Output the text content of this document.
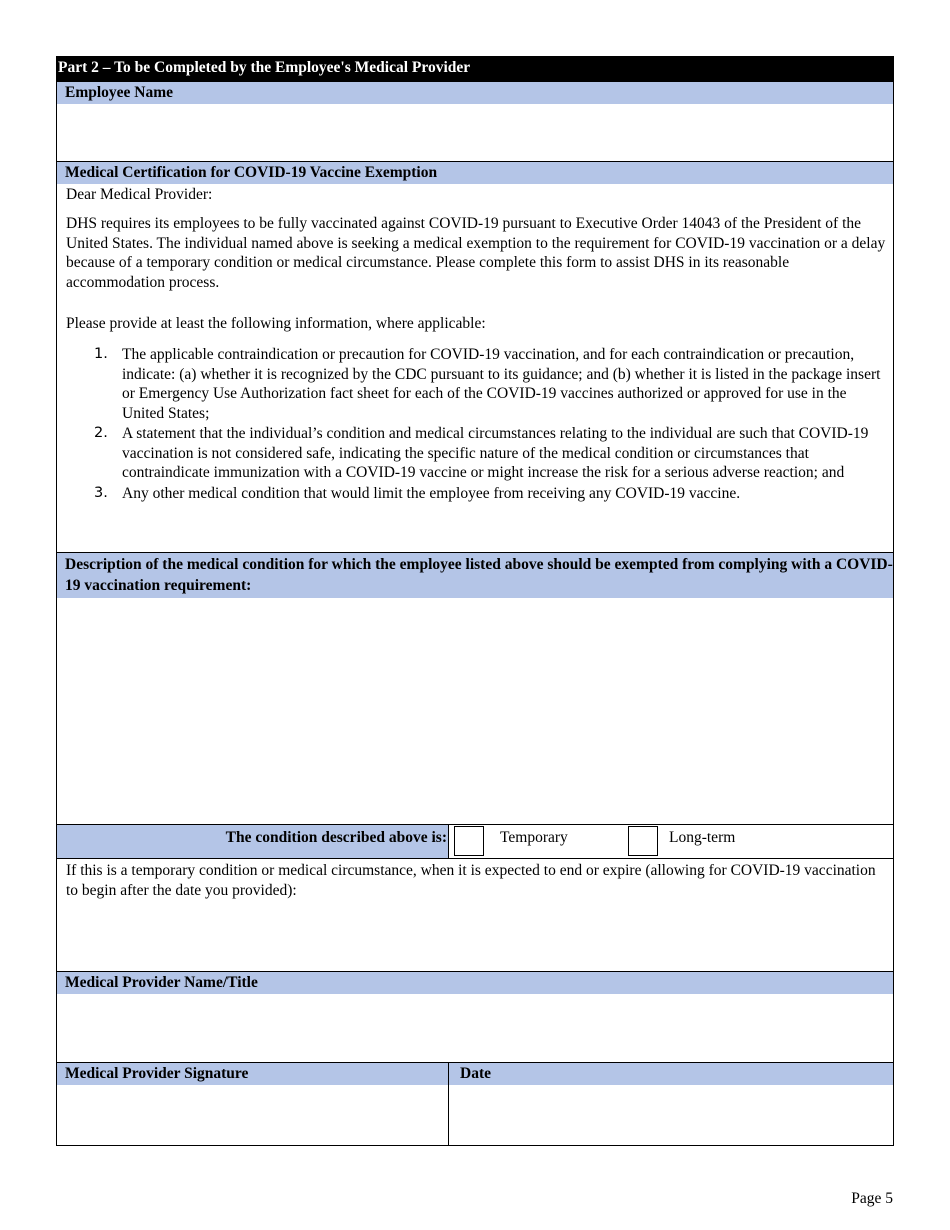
Part 2 – To be Completed by the Employee's Medical Provider
Employee Name
Medical Certification for COVID-19 Vaccine Exemption
Dear Medical Provider:
DHS requires its employees to be fully vaccinated against COVID-19 pursuant to Executive Order 14043 of the President of the United States. The individual named above is seeking a medical exemption to the requirement for COVID-19 vaccination or a delay because of a temporary condition or medical circumstance. Please complete this form to assist DHS in its reasonable accommodation process.
Please provide at least the following information, where applicable:
1. The applicable contraindication or precaution for COVID-19 vaccination, and for each contraindication or precaution, indicate: (a) whether it is recognized by the CDC pursuant to its guidance; and (b) whether it is listed in the package insert or Emergency Use Authorization fact sheet for each of the COVID-19 vaccines authorized or approved for use in the United States;
2. A statement that the individual’s condition and medical circumstances relating to the individual are such that COVID-19 vaccination is not considered safe, indicating the specific nature of the medical condition or circumstances that contraindicate immunization with a COVID-19 vaccine or might increase the risk for a serious adverse reaction; and
3. Any other medical condition that would limit the employee from receiving any COVID-19 vaccine.
Description of the medical condition for which the employee listed above should be exempted from complying with a COVID-19 vaccination requirement:
The condition described above is:	Temporary	Long-term
If this is a temporary condition or medical circumstance, when it is expected to end or expire (allowing for COVID-19 vaccination to begin after the date you provided):
Medical Provider Name/Title
Medical Provider Signature	Date
Page 5
